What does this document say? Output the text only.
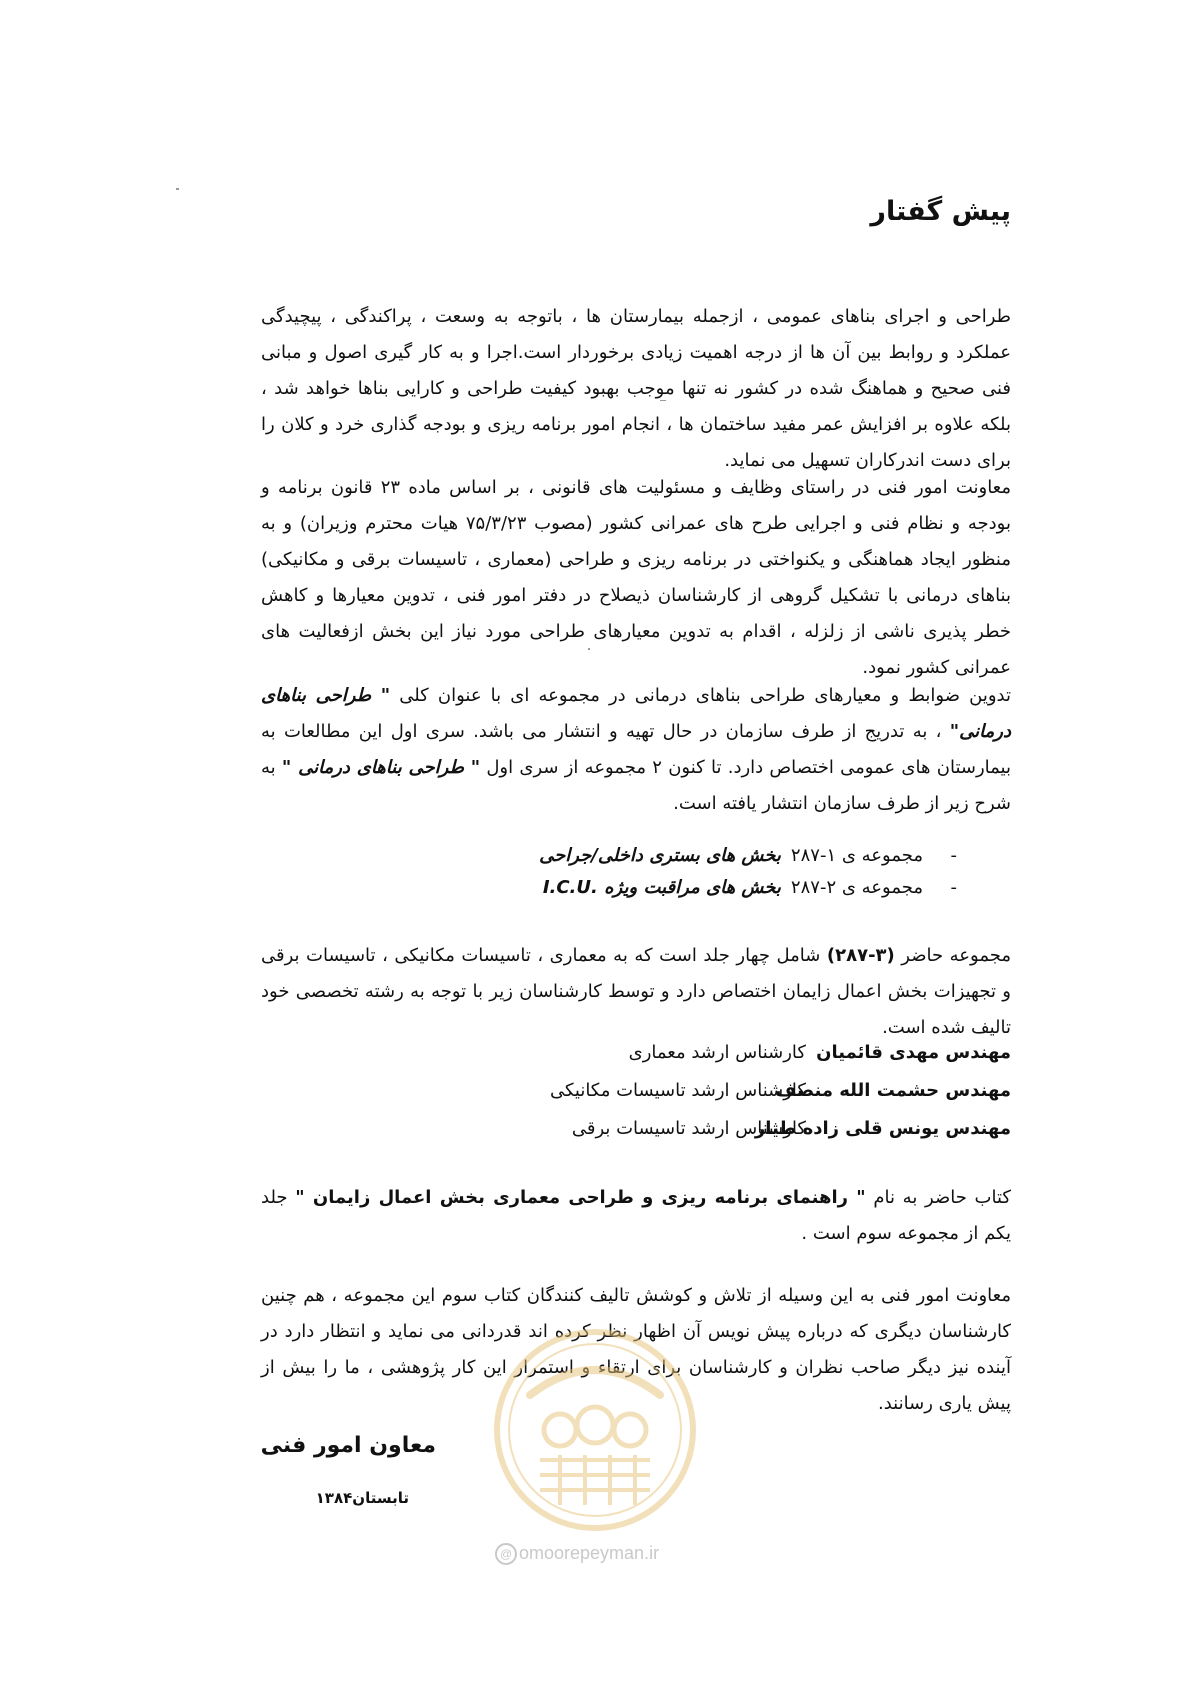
پیش گفتار

طراحی و اجرای بناهای عمومی ، ازجمله بیمارستان ها ، باتوجه به وسعت ، پراکندگی ، پیچیدگی عملکرد و روابط بین آن ها از درجه اهمیت زیادی برخوردار است.اجرا و به کار گیری اصول و مبانی فنی صحیح و هماهنگ شده در کشور نه تنها موجب بهبود کیفیت طراحی و کارایی بناها خواهد شد ، بلکه علاوه بر افزایش عمر مفید ساختمان ها ، انجام امور برنامه ریزی و بودجه گذاری خرد و کلان را برای دست اندرکاران تسهیل می نماید.

معاونت امور فنی در راستای وظایف و مسئولیت های قانونی ، بر اساس ماده ۲۳ قانون برنامه و بودجه و نظام فنی و اجرایی طرح های عمرانی کشور (مصوب ۷۵/۳/۲۳ هیات محترم وزیران) و به منظور ایجاد هماهنگی و یکنواختی در برنامه ریزی و طراحی (معماری ، تاسیسات برقی و مکانیکی) بناهای درمانی با تشکیل گروهی از کارشناسان ذیصلاح در دفتر امور فنی ، تدوین معیارها و کاهش خطر پذیری ناشی از زلزله ، اقدام به تدوین معیارهای طراحی مورد نیاز این بخش ازفعالیت های عمرانی کشور نمود.

تدوین ضوابط و معیارهای طراحی بناهای درمانی در مجموعه ای با عنوان کلی " طراحی بناهای درمانی" ، به تدریج از طرف سازمان در حال تهیه و انتشار می باشد. سری اول این مطالعات به بیمارستان های عمومی اختصاص دارد. تا کنون ۲ مجموعه از سری اول " طراحی بناهای درمانی " به شرح زیر از طرف سازمان انتشار یافته است.

-
مجموعه ی ۱-۲۸۷
بخش های بستری داخلی/جراحی
-
مجموعه ی ۲-۲۸۷
بخش های مراقبت ویژه .I.C.U

مجموعه حاضر (۳-۲۸۷) شامل چهار جلد است که به معماری ، تاسیسات مکانیکی ، تاسیسات برقی و تجهیزات بخش اعمال زایمان اختصاص دارد و توسط کارشناسان زیر با توجه به رشته تخصصی خود تالیف شده است.

مهندس مهدی قائمیان
کارشناس ارشد معماری
مهندس حشمت الله منصف
کارشناس ارشد تاسیسات مکانیکی
مهندس یونس قلی زاده طیار
کارشناس ارشد تاسیسات برقی

کتاب حاضر به نام " راهنمای برنامه ریزی و طراحی معماری بخش اعمال زایمان " جلد یکم از مجموعه سوم است .

معاونت امور فنی به این وسیله از تلاش و کوشش تالیف کنندگان کتاب سوم این مجموعه ، هم چنین کارشناسان دیگری که درباره پیش نویس آن اظهار نظر کرده اند قدردانی می نماید و انتظار دارد در آینده نیز دیگر صاحب نظران و کارشناسان برای ارتقاء و استمرار این کار پژوهشی ، ما را بیش از پیش یاری رسانند.

معاون امور فنی
تابستان۱۳۸۴
@ omoorepeyman.ir
